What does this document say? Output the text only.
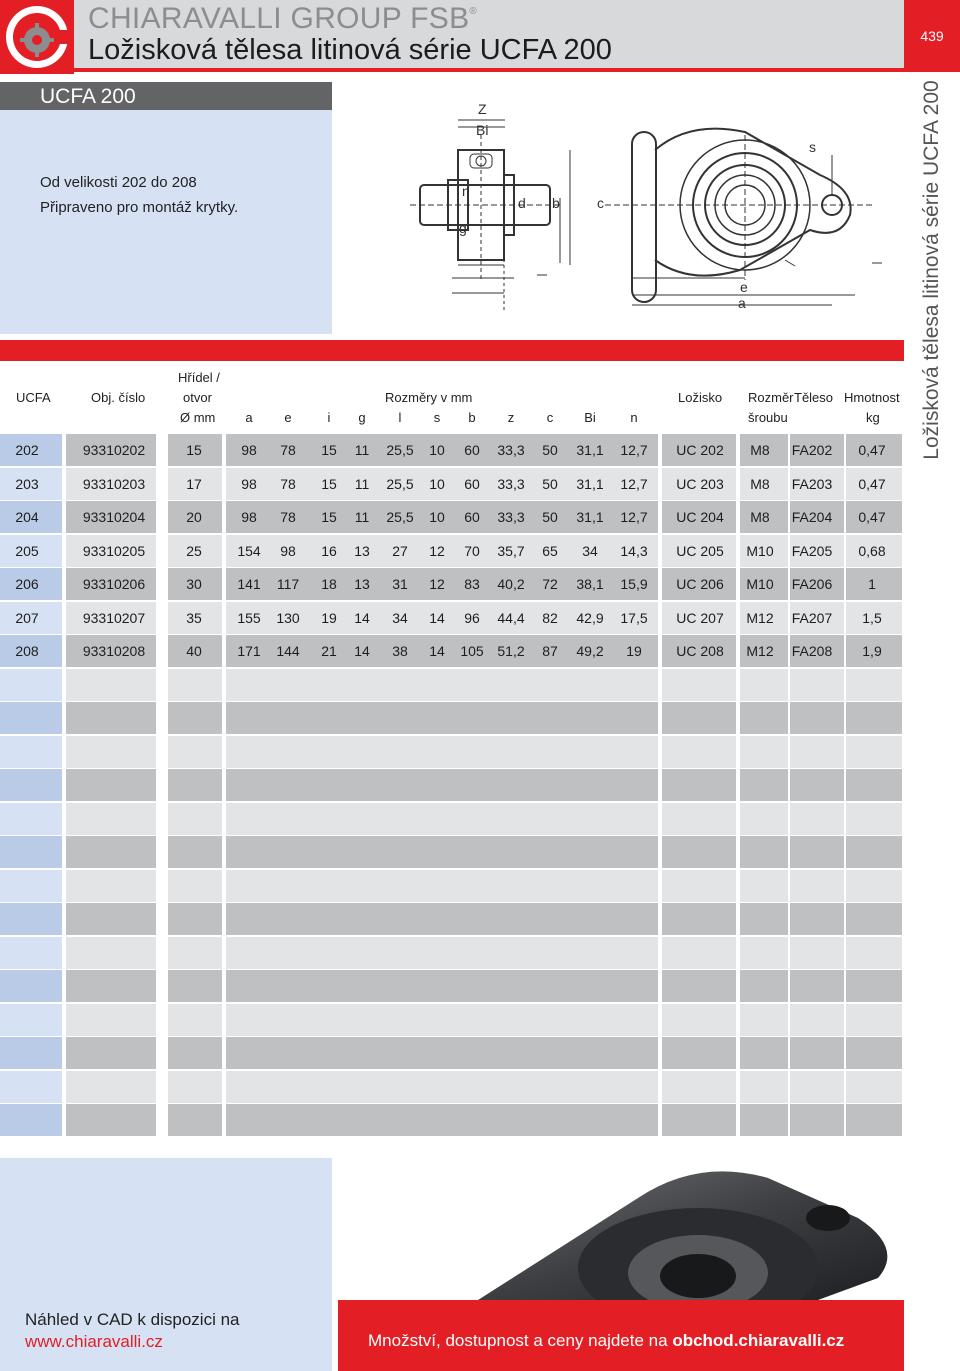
CHIARAVALLI GROUP FSB®
Ložisková tělesa litinová série UCFA 200	439
Ložisková tělesa litinová série UCFA 200
UCFA 200
Od velikosti 202 do 208
Připraveno pro montáž krytky.
Z
Bi
n
g
d b	c
e
a
s
UCFA	Obj. číslo
Hřídel /
otvor
Ø mm
Rozměry v mm	Ložisko Rozměr
šroubu
Těleso Hmotnost
kg
a	e	i	g	l	s	b	z	c	Bi	n
202	93310202	15	98	78	15	11	25,5	10	60	33,3	50	31,1	12,7	UC 202	M8	FA202	0,47
203	93310203	17	98	78	15	11	25,5	10	60	33,3	50	31,1	12,7	UC 203	M8	FA203	0,47
204	93310204	20	98	78	15	11	25,5	10	60	33,3	50	31,1	12,7	UC 204	M8	FA204	0,47
205	93310205	25	154	98	16	13	27	12	70	35,7	65	34	14,3	UC 205	M10	FA205	0,68
206	93310206	30	141	117	18	13	31	12	83	40,2	72	38,1	15,9	UC 206	M10	FA206	1
207	93310207	35	155	130	19	14	34	14	96	44,4	82	42,9	17,5	UC 207	M12	FA207	1,5
208	93310208	40	171	144	21	14	38	14	105 51,2	87	49,2	19	UC 208	M12	FA208	1,9
Náhled v CAD k dispozici na
www.chiaravalli.cz	Množství, dostupnost a ceny najdete na obchod.chiaravalli.cz
